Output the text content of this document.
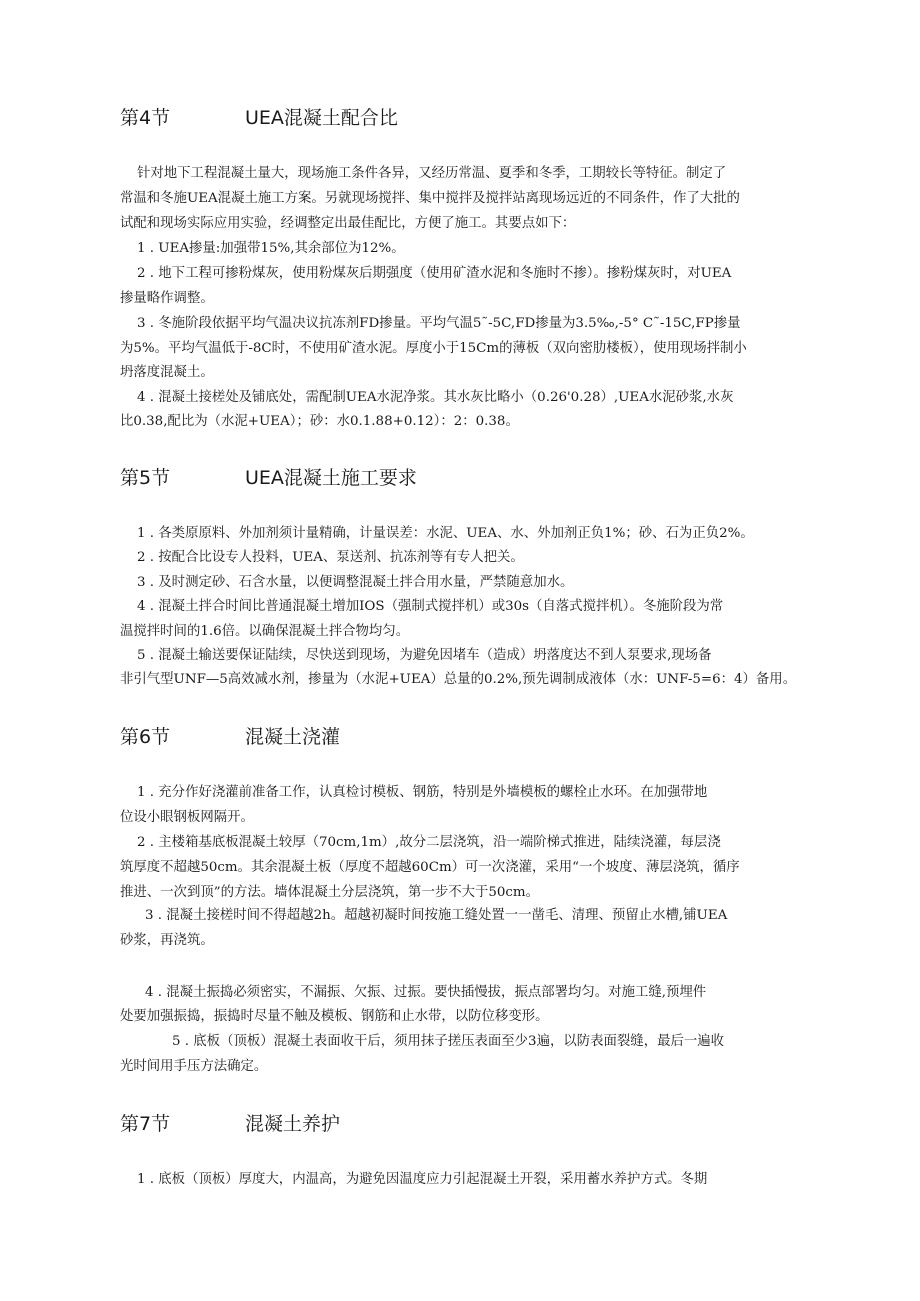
第4节	UEA混凝土配合比
针对地下工程混凝土量大，现场施工条件各异，又经历常温、夏季和冬季，工期较长等特征。制定了
常温和冬施UEA混凝土施工方案。另就现场搅拌、集中搅拌及搅拌站离现场远近的不同条件，作了大批的
试配和现场实际应用实验，经调整定出最佳配比，方便了施工。其要点如下：
1 . UEA掺量:加强带15%,其余部位为12%。
2 . 地下工程可掺粉煤灰，使用粉煤灰后期强度（使用矿渣水泥和冬施时不掺）。掺粉煤灰时，对UEA
掺量略作调整。
3 . 冬施阶段依据平均气温决议抗冻剂FD掺量。平均气温5˜-5C,FD掺量为3.5‰,-5° C˜-15C,FP掺量
为5%。平均气温低于-8C时，不使用矿渣水泥。厚度小于15Cm的薄板（双向密肋楼板），使用现场拌制小
坍落度混凝土。
4 . 混凝土接槎处及铺底处，需配制UEA水泥净浆。其水灰比略小（0.26'0.28）,UEA水泥砂浆,水灰
比0.38,配比为（水泥+UEA）；砂：水0.1.88+0.12）：2：0.38。
第5节	UEA混凝土施工要求
1 . 各类原原料、外加剂须计量精确，计量误差：水泥、UEA、水、外加剂正负1%；砂、石为正负2%。
2 . 按配合比设专人投料，UEA、泵送剂、抗冻剂等有专人把关。
3 . 及时测定砂、石含水量，以便调整混凝土拌合用水量，严禁随意加水。
4 . 混凝土拌合时间比普通混凝土增加IOS（强制式搅拌机）或30s（自落式搅拌机）。冬施阶段为常
温搅拌时间的1.6倍。以确保混凝土拌合物均匀。
5 . 混凝土输送要保证陆续，尽快送到现场，为避免因堵车（造成）坍落度达不到人泵要求,现场备
非引气型UNF—5高效减水剂，掺量为（水泥+UEA）总量的0.2%,预先调制成液体（水：UNF-5=6：4）备用。
第6节	混凝土浇灌
1 . 充分作好浇灌前准备工作，认真检讨模板、钢筋，特别是外墙模板的螺栓止水环。在加强带地
位设小眼钢板网隔开。
2 . 主楼箱基底板混凝土较厚（70cm,1m）,故分二层浇筑，沿一端阶梯式推进，陆续浇灌，每层浇
筑厚度不超越50cm。其余混凝土板（厚度不超越60Cm）可一次浇灌，采用“一个坡度、薄层浇筑，循序
推进、一次到顶”的方法。墙体混凝土分层浇筑，第一步不大于50cm。
3 . 混凝土接槎时间不得超越2h。超越初凝时间按施工缝处置一一凿毛、清理、预留止水槽,铺UEA
砂浆，再浇筑。
4 . 混凝土振捣必须密实，不漏振、欠振、过振。要快插慢拔，振点部署均匀。对施工缝,预埋件
处要加强振捣，振捣时尽量不触及模板、钢筋和止水带，以防位移变形。
5 . 底板（顶板）混凝土表面收干后，须用抹子搓压表面至少3遍，以防表面裂缝，最后一遍收
光时间用手压方法确定。
第7节	混凝土养护
1 . 底板（顶板）厚度大，内温高，为避免因温度应力引起混凝土开裂，采用蓄水养护方式。冬期
